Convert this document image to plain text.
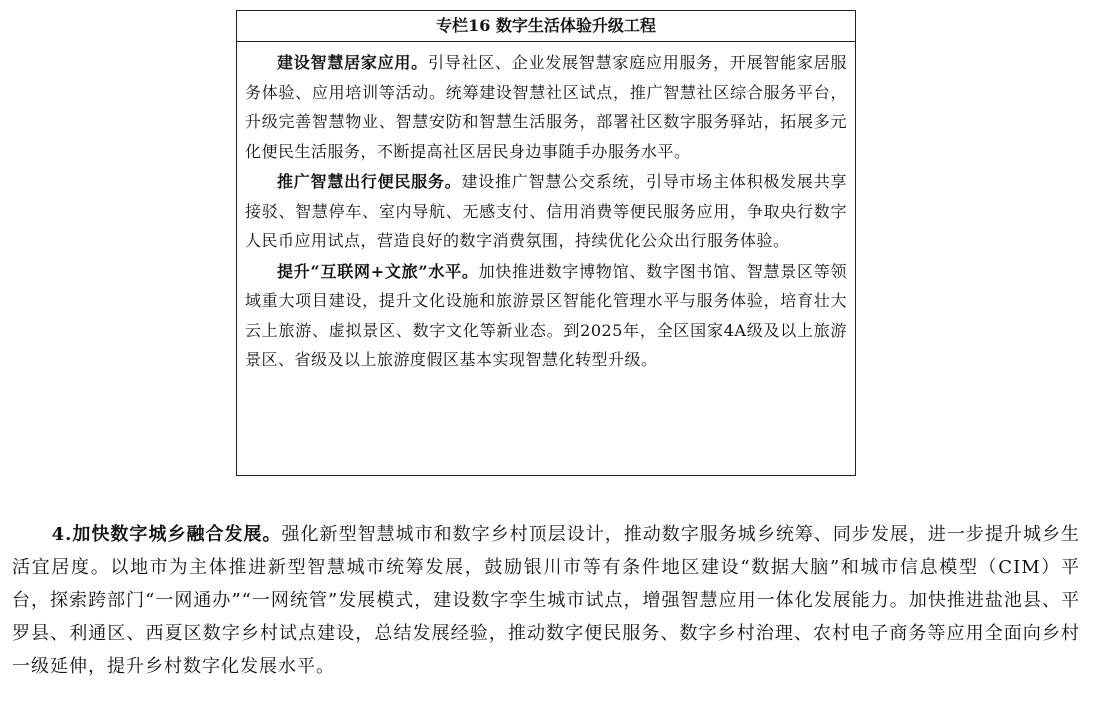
专栏16 数字生活体验升级工程

建设智慧居家应用。引导社区、企业发展智慧家庭应用服务，开展智能家居服务体验、应用培训等活动。统筹建设智慧社区试点，推广智慧社区综合服务平台，升级完善智慧物业、智慧安防和智慧生活服务，部署社区数字服务驿站，拓展多元化便民生活服务，不断提高社区居民身边事随手办服务水平。

推广智慧出行便民服务。建设推广智慧公交系统，引导市场主体积极发展共享接驳、智慧停车、室内导航、无感支付、信用消费等便民服务应用，争取央行数字人民币应用试点，营造良好的数字消费氛围，持续优化公众出行服务体验。

提升“互联网+文旅”水平。加快推进数字博物馆、数字图书馆、智慧景区等领域重大项目建设，提升文化设施和旅游景区智能化管理水平与服务体验，培育壮大云上旅游、虚拟景区、数字文化等新业态。到2025年，全区国家4A级及以上旅游景区、省级及以上旅游度假区基本实现智慧化转型升级。

4.加快数字城乡融合发展。强化新型智慧城市和数字乡村顶层设计，推动数字服务城乡统筹、同步发展，进一步提升城乡生活宜居度。以地市为主体推进新型智慧城市统筹发展，鼓励银川市等有条件地区建设“数据大脑”和城市信息模型（CIM）平台，探索跨部门“一网通办”“一网统管”发展模式，建设数字孪生城市试点，增强智慧应用一体化发展能力。加快推进盐池县、平罗县、利通区、西夏区数字乡村试点建设，总结发展经验，推动数字便民服务、数字乡村治理、农村电子商务等应用全面向乡村一级延伸，提升乡村数字化发展水平。
